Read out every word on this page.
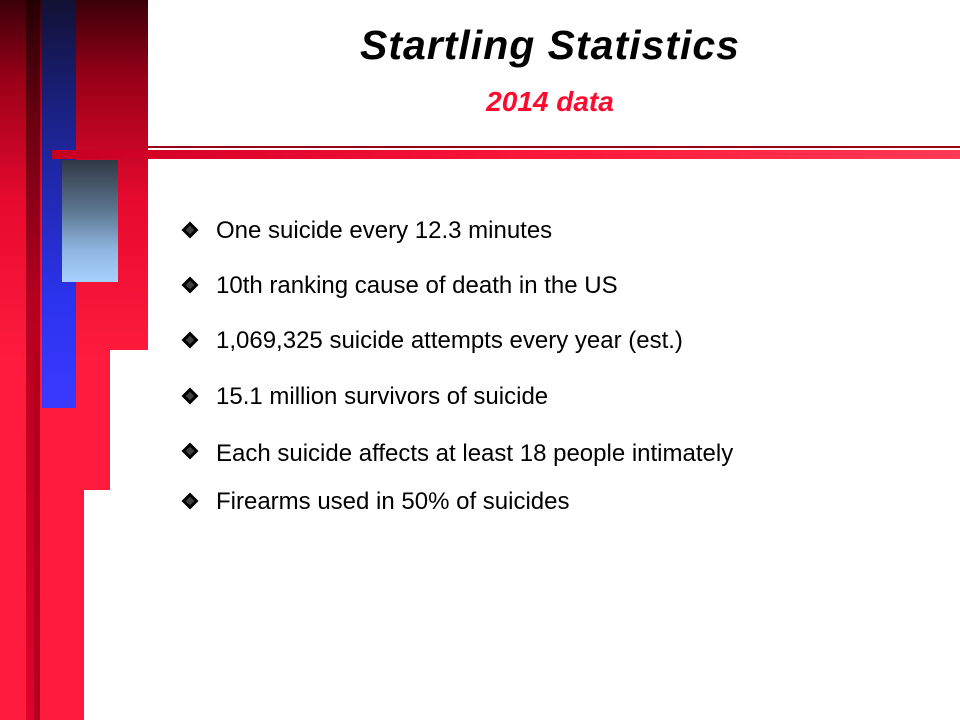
Startling Statistics
2014 data
One suicide every 12.3 minutes
10th ranking cause of death in the US
1,069,325 suicide attempts every year (est.)
15.1 million survivors of suicide
Each suicide affects at least 18 people intimately
Firearms used in 50% of suicides
